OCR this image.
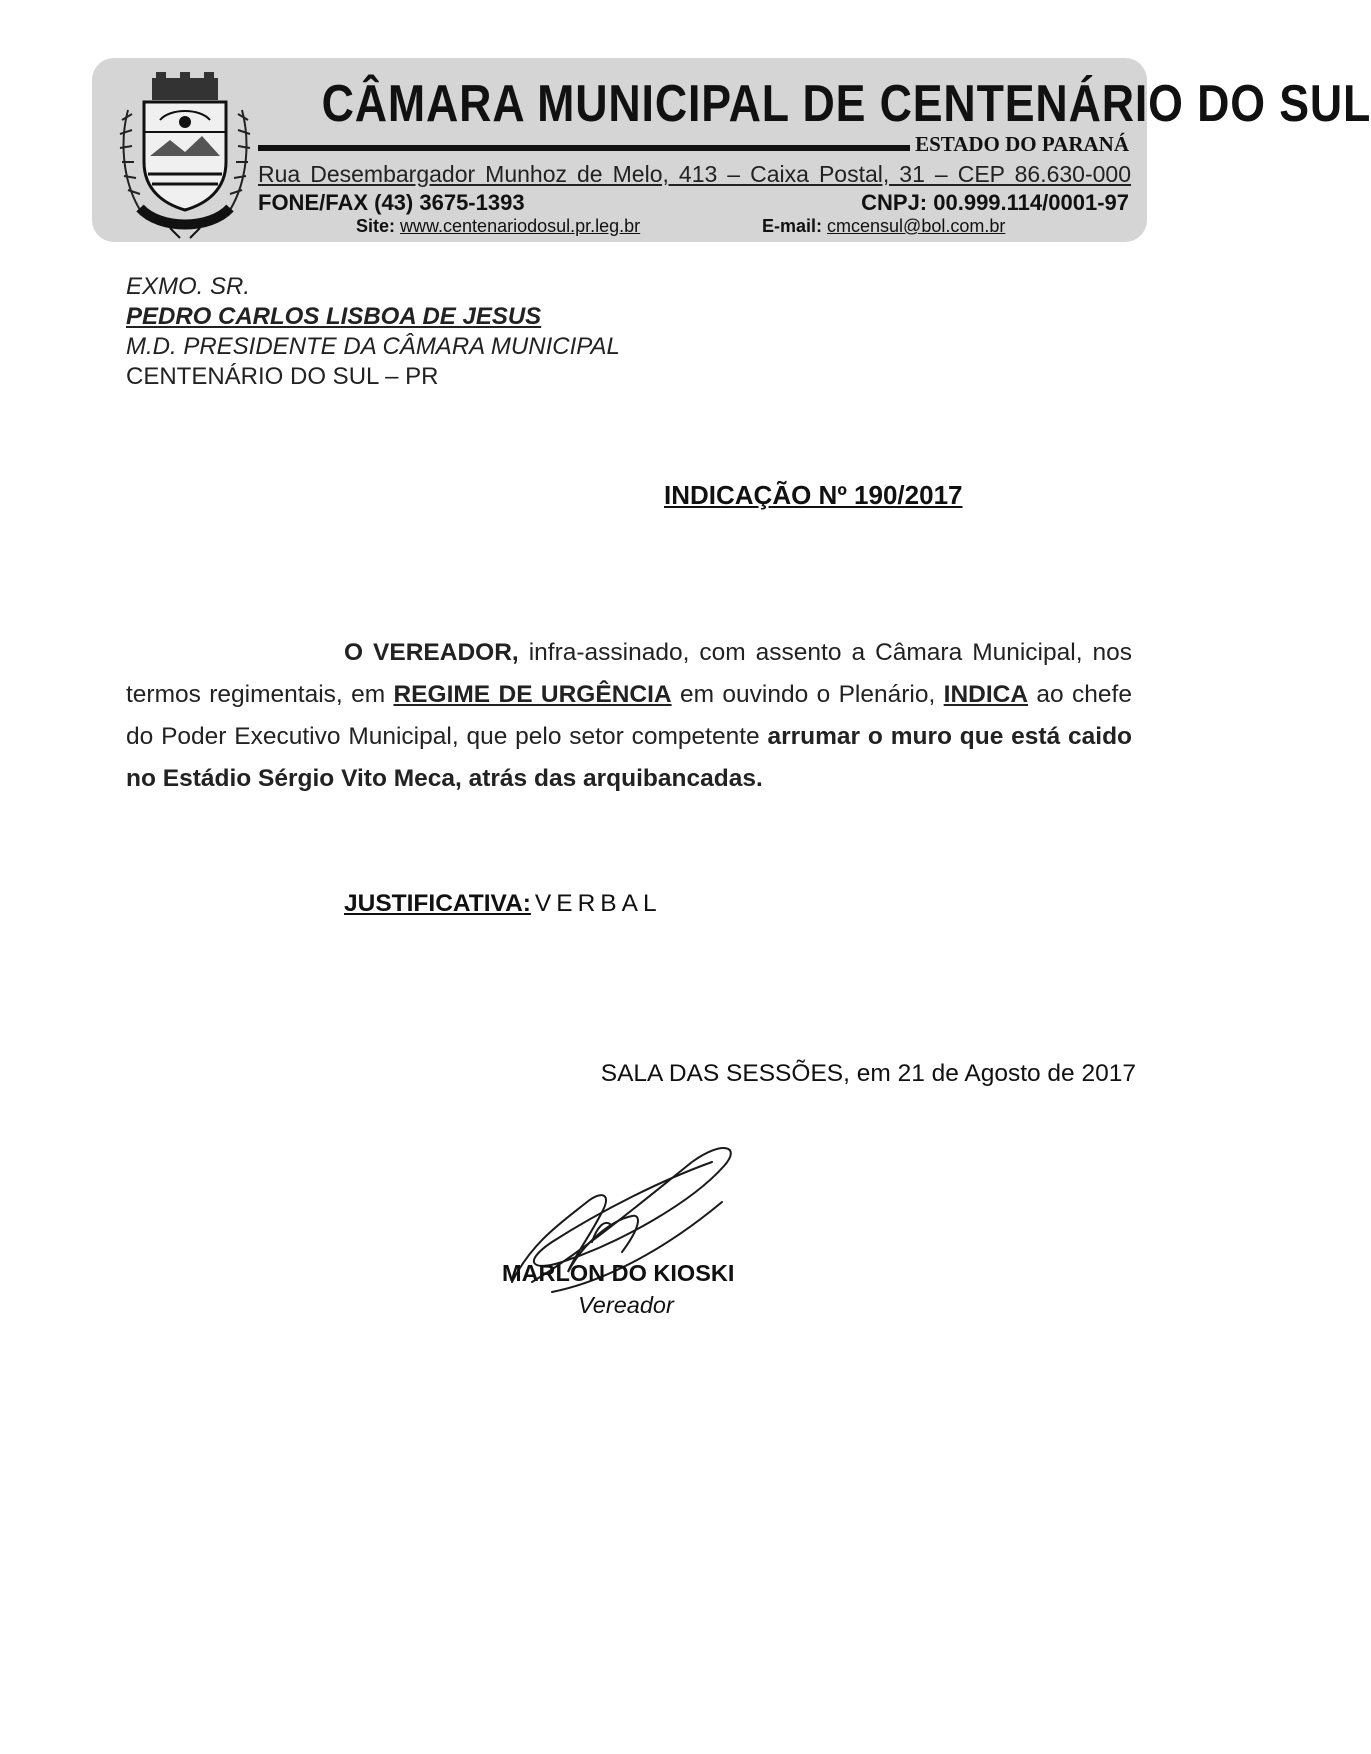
CÂMARA MUNICIPAL DE CENTENÁRIO DO SUL
ESTADO DO PARANÁ
Rua Desembargador Munhoz de Melo, 413 – Caixa Postal, 31 – CEP 86.630-000
FONE/FAX (43) 3675-1393	CNPJ: 00.999.114/0001-97
Site: www.centenariodosul.pr.leg.br	E-mail: cmcensul@bol.com.br
EXMO. SR.
PEDRO CARLOS LISBOA DE JESUS
M.D. PRESIDENTE DA CÂMARA MUNICIPAL
CENTENÁRIO DO SUL – PR
INDICAÇÃO Nº 190/2017
O VEREADOR, infra-assinado, com assento a Câmara Municipal, nos termos regimentais, em REGIME DE URGÊNCIA em ouvindo o Plenário, INDICA ao chefe do Poder Executivo Municipal, que pelo setor competente arrumar o muro que está caido no Estádio Sérgio Vito Meca, atrás das arquibancadas.
JUSTIFICATIVA: VERBAL
SALA DAS SESSÕES, em 21 de Agosto de 2017
MARLON DO KIOSKI
Vereador
